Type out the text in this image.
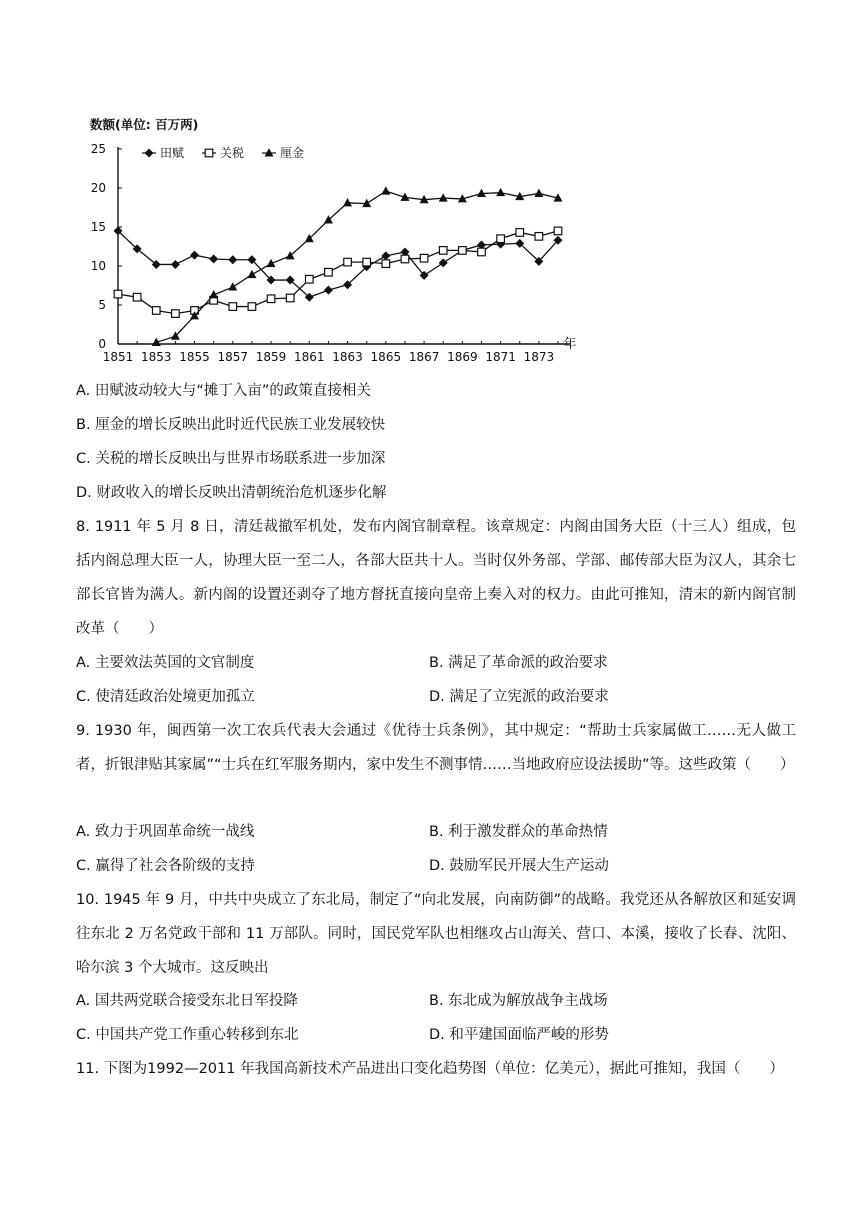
数额(单位: 百万两)
年
0
5
10
15
20
25
1851 1853 1855 1857 1859 1861 1863 1865 1867 1869 1871 1873
田赋	关税	厘金
A. 田赋波动较大与“摊丁入亩”的政策直接相关
B. 厘金的增长反映出此时近代民族工业发展较快
C. 关税的增长反映出与世界市场联系进一步加深
D. 财政收入的增长反映出清朝统治危机逐步化解
8. 1911 年 5 月 8 日，清廷裁撤军机处，发布内阁官制章程。该章规定：内阁由国务大臣（十三人）组成，包括内阁总理大臣一人，协理大臣一至二人，各部大臣共十人。当时仅外务部、学部、邮传部大臣为汉人，其余七部长官皆为满人。新内阁的设置还剥夺了地方督抚直接向皇帝上奏入对的权力。由此可推知，清末的新内阁官制改革（　　）
A. 主要效法英国的文官制度	B. 满足了革命派的政治要求
C. 使清廷政治处境更加孤立	D. 满足了立宪派的政治要求
9. 1930 年，闽西第一次工农兵代表大会通过《优待士兵条例》，其中规定：“帮助士兵家属做工……无人做工者，折银津贴其家属”“士兵在红军服务期内，家中发生不测事情……当地政府应设法援助”等。这些政策（　　）
A. 致力于巩固革命统一战线	B. 利于激发群众的革命热情
C. 赢得了社会各阶级的支持	D. 鼓励军民开展大生产运动
10. 1945 年 9 月，中共中央成立了东北局，制定了“向北发展，向南防御”的战略。我党还从各解放区和延安调往东北 2 万名党政干部和 11 万部队。同时，国民党军队也相继攻占山海关、营口、本溪，接收了长春、沈阳、哈尔滨 3 个大城市。这反映出
A. 国共两党联合接受东北日军投降	B. 东北成为解放战争主战场
C. 中国共产党工作重心转移到东北	D. 和平建国面临严峻的形势
11. 下图为1992—2011 年我国高新技术产品进出口变化趋势图（单位：亿美元），据此可推知，我国（　　）
